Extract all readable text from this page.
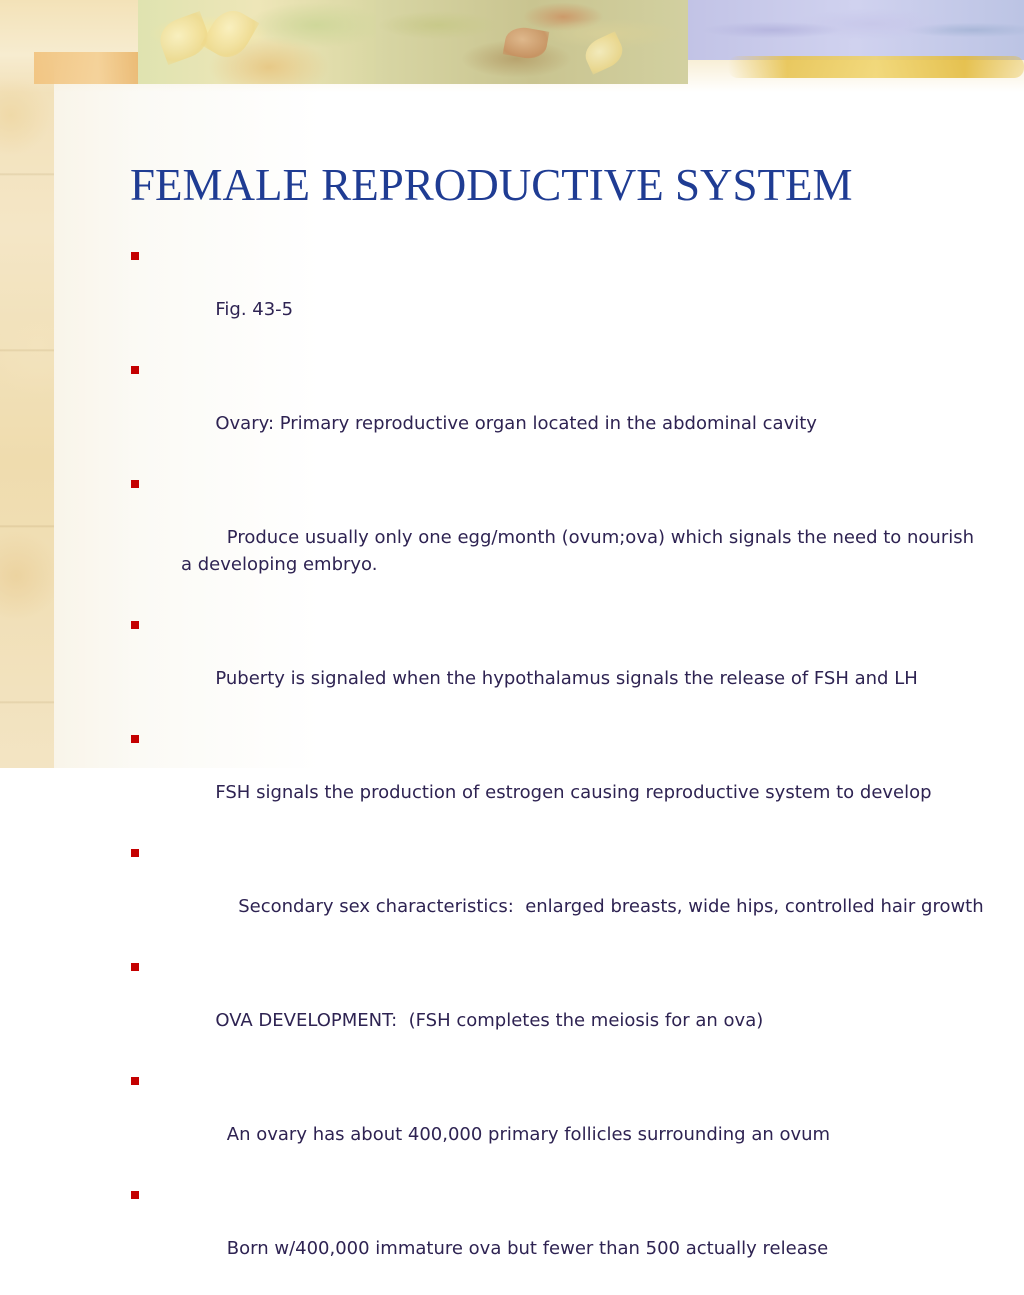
FEMALE REPRODUCTIVE SYSTEM

Fig. 43-5

Ovary: Primary reproductive organ located in the abdominal cavity

Produce usually only one egg/month (ovum;ova) which signals the need to nourish a developing embryo.

Puberty is signaled when the hypothalamus signals the release of FSH and LH

FSH signals the production of estrogen causing reproductive system to develop

Secondary sex characteristics:  enlarged breasts, wide hips, controlled hair growth

OVA DEVELOPMENT:  (FSH completes the meiosis for an ova)

An ovary has about 400,000 primary follicles surrounding an ovum

Born w/400,000 immature ova but fewer than 500 actually release
